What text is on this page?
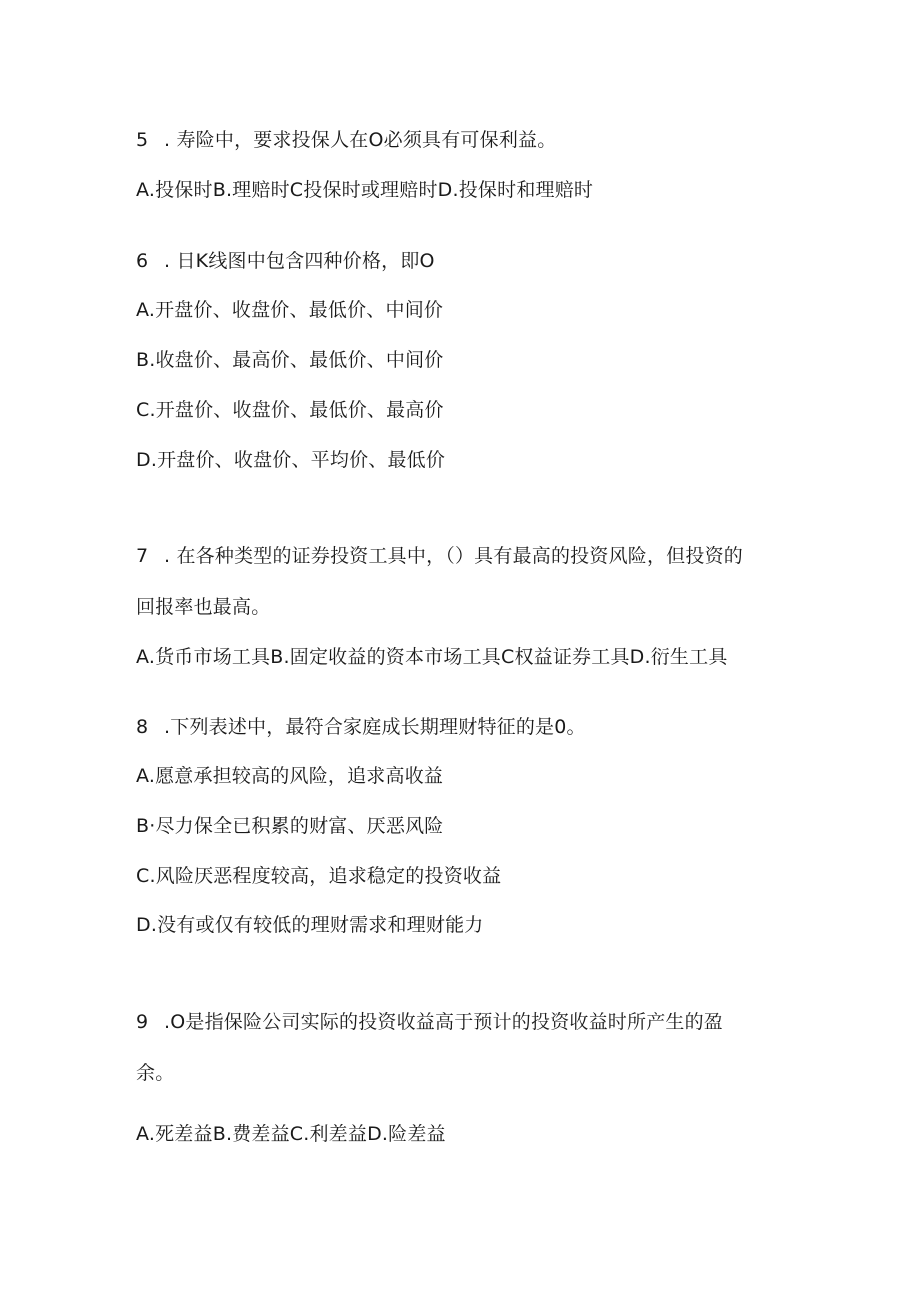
5 . 寿险中，要求投保人在O必须具有可保利益。
A.投保时B.理赔时C投保时或理赔时D.投保时和理赔时
6 . 日K线图中包含四种价格，即O
A.开盘价、收盘价、最低价、中间价
B.收盘价、最高价、最低价、中间价
C.开盘价、收盘价、最低价、最高价
D.开盘价、收盘价、平均价、最低价
7 . 在各种类型的证券投资工具中，（）具有最高的投资风险，但投资的
回报率也最高。
A.货币市场工具B.固定收益的资本市场工具C权益证券工具D.衍生工具
8 .下列表述中，最符合家庭成长期理财特征的是0。
A.愿意承担较高的风险，追求高收益
B·尽力保全已积累的财富、厌恶风险
C.风险厌恶程度较高，追求稳定的投资收益
D.没有或仅有较低的理财需求和理财能力
9 .O是指保险公司实际的投资收益高于预计的投资收益时所产生的盈
余。
A.死差益B.费差益C.利差益D.险差益
